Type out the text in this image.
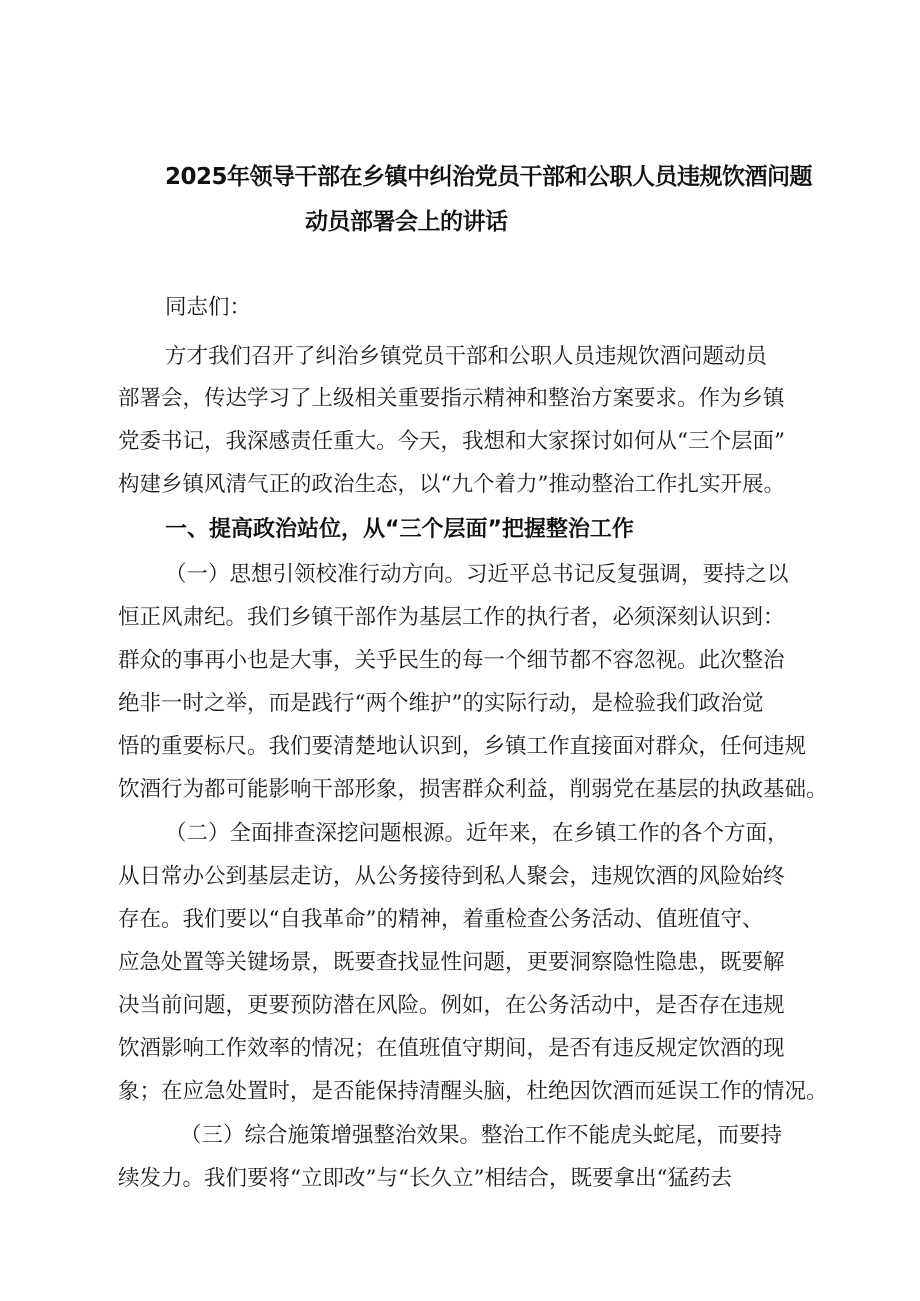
2025年领导干部在乡镇中纠治党员干部和公职人员违规饮酒问题
动员部署会上的讲话
同志们：
方才我们召开了纠治乡镇党员干部和公职人员违规饮酒问题动员
部署会，传达学习了上级相关重要指示精神和整治方案要求。作为乡镇
党委书记，我深感责任重大。今天，我想和大家探讨如何从“三个层面”
构建乡镇风清气正的政治生态，以“九个着力”推动整治工作扎实开展。
一、提高政治站位，从“三个层面”把握整治工作
（一）思想引领校准行动方向。习近平总书记反复强调，要持之以
恒正风肃纪。我们乡镇干部作为基层工作的执行者，必须深刻认识到：
群众的事再小也是大事，关乎民生的每一个细节都不容忽视。此次整治
绝非一时之举，而是践行“两个维护”的实际行动，是检验我们政治觉
悟的重要标尺。我们要清楚地认识到，乡镇工作直接面对群众，任何违规
饮酒行为都可能影响干部形象，损害群众利益，削弱党在基层的执政基础。
（二）全面排查深挖问题根源。近年来，在乡镇工作的各个方面，
从日常办公到基层走访，从公务接待到私人聚会，违规饮酒的风险始终
存在。我们要以“自我革命”的精神，着重检查公务活动、值班值守、
应急处置等关键场景，既要查找显性问题，更要洞察隐性隐患，既要解
决当前问题，更要预防潜在风险。例如，在公务活动中，是否存在违规
饮酒影响工作效率的情况；在值班值守期间，是否有违反规定饮酒的现
象；在应急处置时，是否能保持清醒头脑，杜绝因饮酒而延误工作的情况。
（三）综合施策增强整治效果。整治工作不能虎头蛇尾，而要持
续发力。我们要将“立即改”与“长久立”相结合，既要拿出“猛药去
